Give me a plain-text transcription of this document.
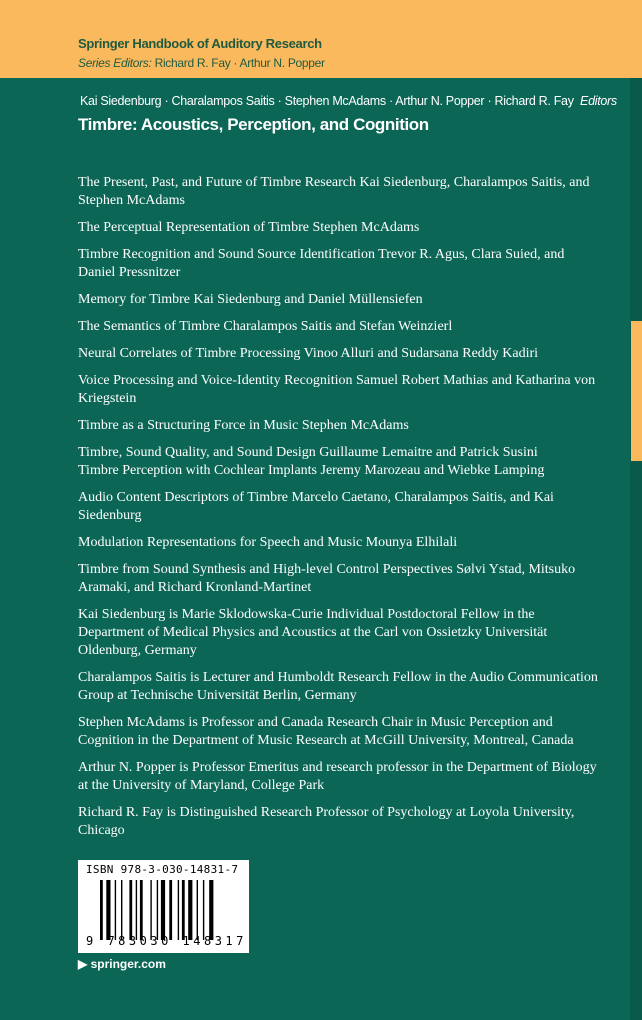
Springer Handbook of Auditory Research
Series Editors: Richard R. Fay · Arthur N. Popper
Kai Siedenburg · Charalampos Saitis · Stephen McAdams · Arthur N. Popper · Richard R. Fay Editors
Timbre: Acoustics, Perception, and Cognition

The Present, Past, and Future of Timbre Research Kai Siedenburg, Charalampos Saitis, and Stephen McAdams

The Perceptual Representation of Timbre Stephen McAdams

Timbre Recognition and Sound Source Identification Trevor R. Agus, Clara Suied, and Daniel Pressnitzer

Memory for Timbre Kai Siedenburg and Daniel Müllensiefen

The Semantics of Timbre Charalampos Saitis and Stefan Weinzierl

Neural Correlates of Timbre Processing Vinoo Alluri and Sudarsana Reddy Kadiri

Voice Processing and Voice-Identity Recognition Samuel Robert Mathias and Katharina von Kriegstein

Timbre as a Structuring Force in Music Stephen McAdams

Timbre, Sound Quality, and Sound Design Guillaume Lemaitre and Patrick Susini

Timbre Perception with Cochlear Implants Jeremy Marozeau and Wiebke Lamping

Audio Content Descriptors of Timbre Marcelo Caetano, Charalampos Saitis, and Kai Siedenburg

Modulation Representations for Speech and Music Mounya Elhilali

Timbre from Sound Synthesis and High-level Control Perspectives Sølvi Ystad, Mitsuko Aramaki, and Richard Kronland-Martinet

Kai Siedenburg is Marie Sklodowska-Curie Individual Postdoctoral Fellow in the Department of Medical Physics and Acoustics at the Carl von Ossietzky Universität Oldenburg, Germany

Charalampos Saitis is Lecturer and Humboldt Research Fellow in the Audio Communication Group at Technische Universität Berlin, Germany

Stephen McAdams is Professor and Canada Research Chair in Music Perception and Cognition in the Department of Music Research at McGill University, Montreal, Canada

Arthur N. Popper is Professor Emeritus and research professor in the Department of Biology at the University of Maryland, College Park

Richard R. Fay is Distinguished Research Professor of Psychology at Loyola University, Chicago

ISBN 978-3-030-14831-7
9 783030 148317
▶ springer.com
